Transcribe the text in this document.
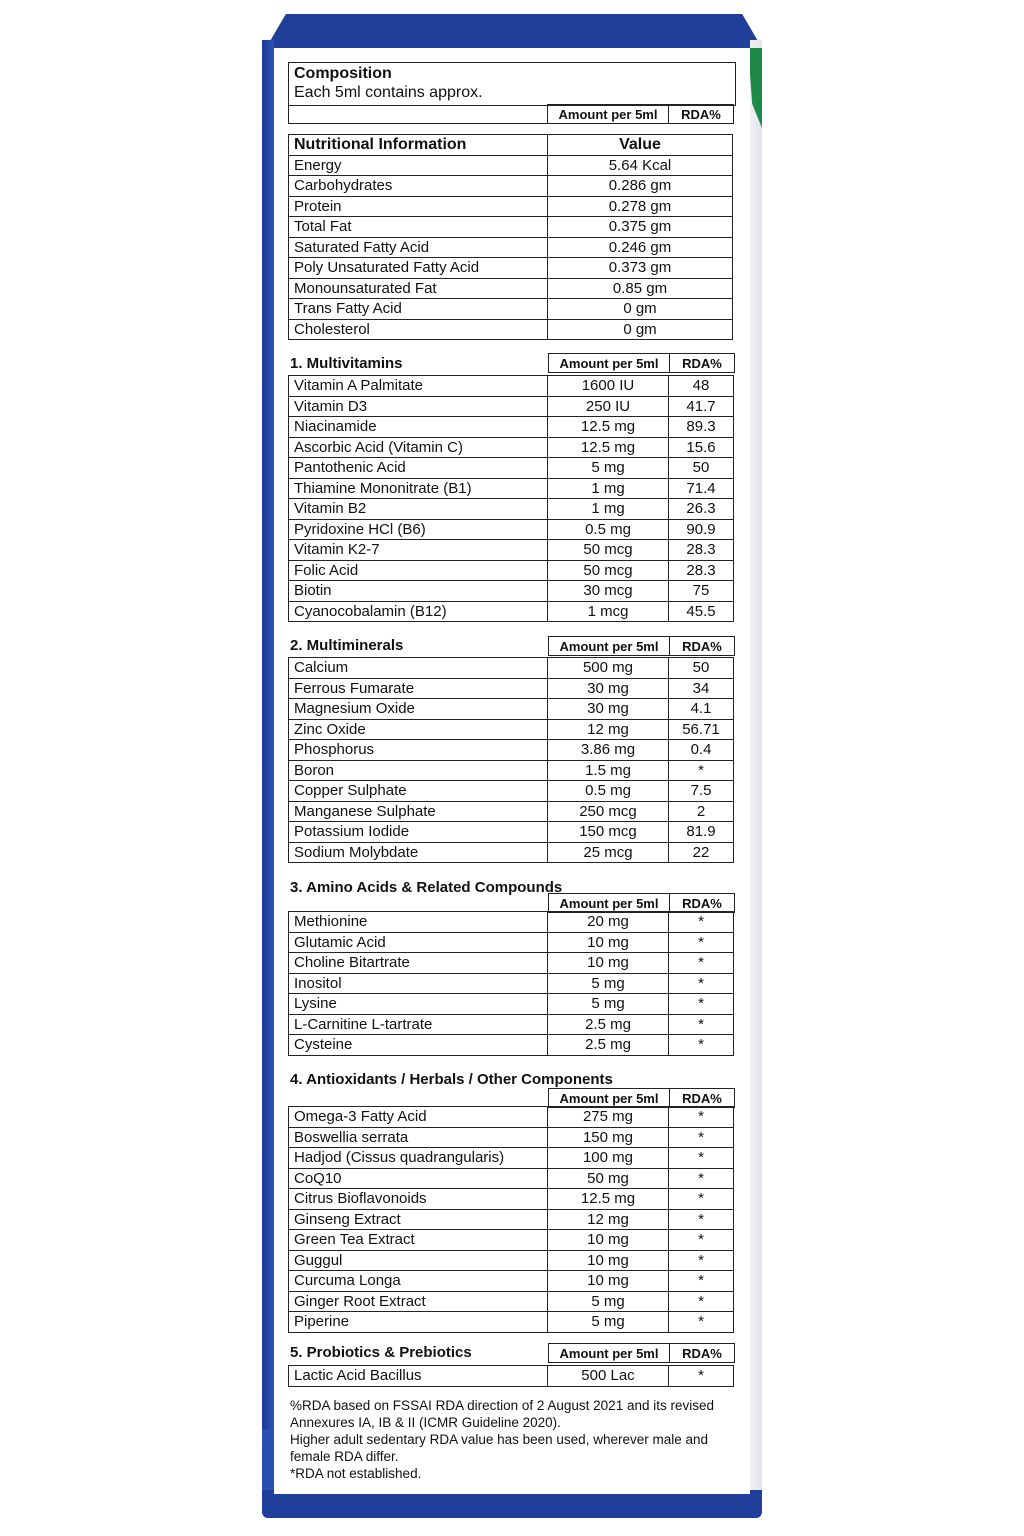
Composition
Each 5ml contains approx.
	Amount per 5ml	RDA%
Nutritional Information	Value
Energy	5.64 Kcal
Carbohydrates	0.286 gm
Protein	0.278 gm
Total Fat	0.375 gm
Saturated Fatty Acid	0.246 gm
Poly Unsaturated Fatty Acid	0.373 gm
Monounsaturated Fat	0.85 gm
Trans Fatty Acid	0 gm
Cholesterol	0 gm
1. Multivitamins	Amount per 5ml	RDA%
Vitamin A Palmitate	1600 IU	48
Vitamin D3	250 IU	41.7
Niacinamide	12.5 mg	89.3
Ascorbic Acid (Vitamin C)	12.5 mg	15.6
Pantothenic Acid	5 mg	50
Thiamine Mononitrate (B1)	1 mg	71.4
Vitamin B2	1 mg	26.3
Pyridoxine HCl (B6)	0.5 mg	90.9
Vitamin K2-7	50 mcg	28.3
Folic Acid	50 mcg	28.3
Biotin	30 mcg	75
Cyanocobalamin (B12)	1 mcg	45.5
2. Multiminerals	Amount per 5ml	RDA%
Calcium	500 mg	50
Ferrous Fumarate	30 mg	34
Magnesium Oxide	30 mg	4.1
Zinc Oxide	12 mg	56.71
Phosphorus	3.86 mg	0.4
Boron	1.5 mg	*
Copper Sulphate	0.5 mg	7.5
Manganese Sulphate	250 mcg	2
Potassium Iodide	150 mcg	81.9
Sodium Molybdate	25 mcg	22
3. Amino Acids & Related Compounds
Amount per 5ml	RDA%
Methionine	20 mg	*
Glutamic Acid	10 mg	*
Choline Bitartrate	10 mg	*
Inositol	5 mg	*
Lysine	5 mg	*
L-Carnitine L-tartrate	2.5 mg	*
Cysteine	2.5 mg	*
4. Antioxidants / Herbals / Other Components
Amount per 5ml	RDA%
Omega-3 Fatty Acid	275 mg	*
Boswellia serrata	150 mg	*
Hadjod (Cissus quadrangularis)	100 mg	*
CoQ10	50 mg	*
Citrus Bioflavonoids	12.5 mg	*
Ginseng Extract	12 mg	*
Green Tea Extract	10 mg	*
Guggul	10 mg	*
Curcuma Longa	10 mg	*
Ginger Root Extract	5 mg	*
Piperine	5 mg	*
5. Probiotics & Prebiotics	Amount per 5ml	RDA%
Lactic Acid Bacillus	500 Lac	*
%RDA based on FSSAI RDA direction of 2 August 2021 and its revised Annexures IA, IB & II (ICMR Guideline 2020).
Higher adult sedentary RDA value has been used, wherever male and female RDA differ.
*RDA not established.
